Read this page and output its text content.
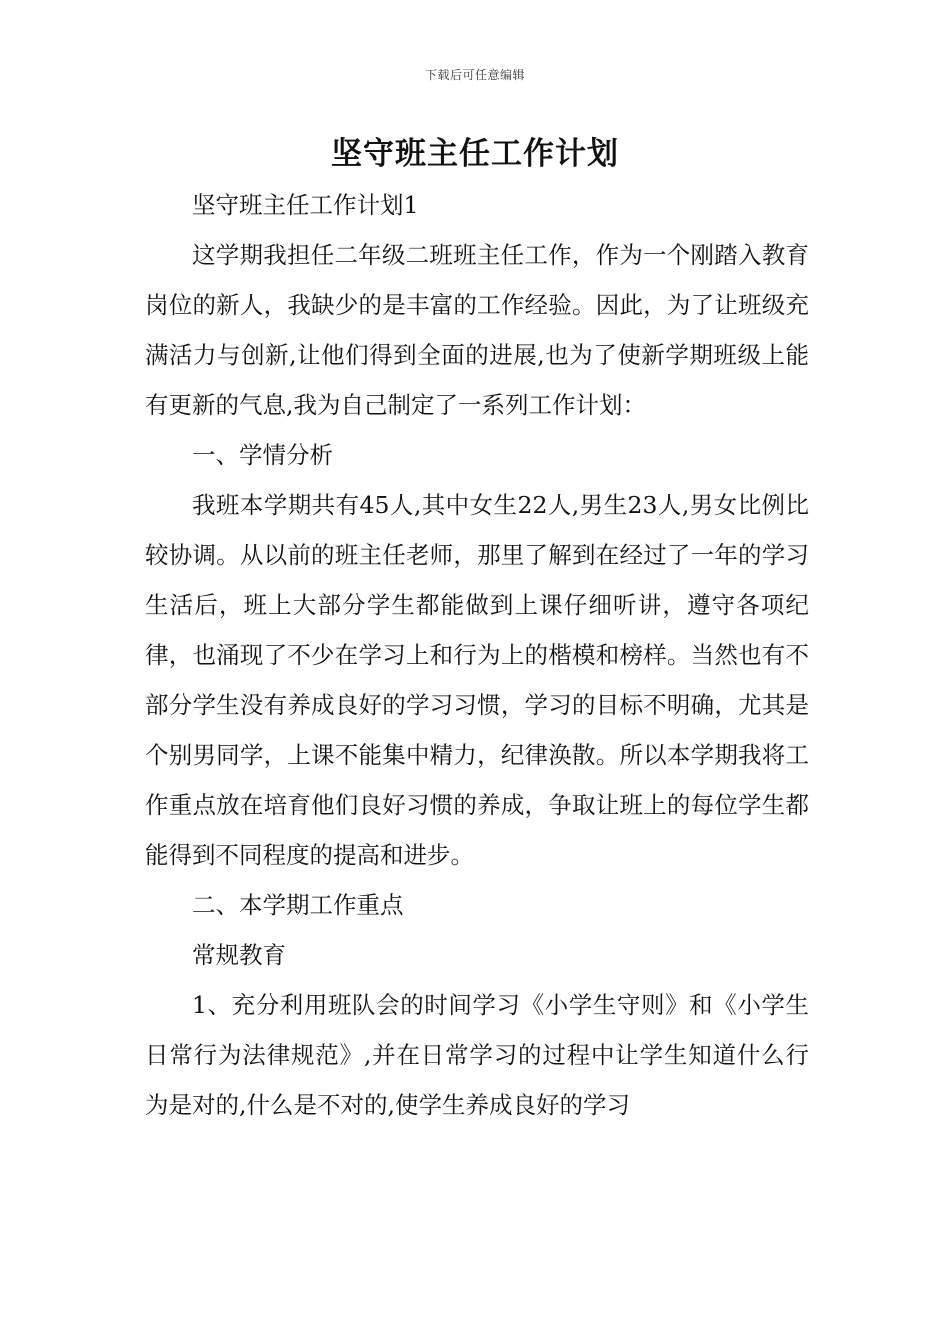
下载后可任意编辑
坚守班主任工作计划

坚守班主任工作计划1

这学期我担任二年级二班班主任工作，作为一个刚踏入教育岗位的新人，我缺少的是丰富的工作经验。因此，为了让班级充满活力与创新,让他们得到全面的进展,也为了使新学期班级上能有更新的气息,我为自己制定了一系列工作计划：

一、学情分析

我班本学期共有45人,其中女生22人,男生23人,男女比例比较协调。从以前的班主任老师，那里了解到在经过了一年的学习生活后，班上大部分学生都能做到上课仔细听讲，遵守各项纪律，也涌现了不少在学习上和行为上的楷模和榜样。当然也有不部分学生没有养成良好的学习习惯，学习的目标不明确，尤其是个别男同学，上课不能集中精力，纪律涣散。所以本学期我将工作重点放在培育他们良好习惯的养成，争取让班上的每位学生都能得到不同程度的提高和进步。

二、本学期工作重点

常规教育

1、充分利用班队会的时间学习《小学生守则》和《小学生日常行为法律规范》,并在日常学习的过程中让学生知道什么行为是对的,什么是不对的,使学生养成良好的学习
